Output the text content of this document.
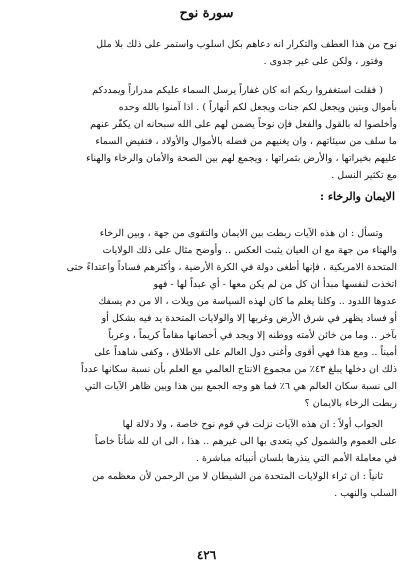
سورة نوح
نوح من هذا العطف والتكرار انه دعاهم بكل اسلوب واستمر على ذلك بلا ملل
وفتور ، ولكن على غير جدوى .
( فقلت استغفروا ربكم انه كان غفاراً يرسل السماء عليكم مدراراً ويمددكم
بأموال وبنين ويجعل لكم جنات ويجعل لكم أنهاراً ) . اذا آمنوا بالله وحده
وأخلصوا له بالقول والفعل فإن نوحاً يضمن لهم على الله سبحانه ان يكفّر عنهم
ما سلف من سيئاتهم ، وان يغنيهم من فضله بالأموال والأولاد ، فتفيض السماء
عليهم بخيراتها ، والأرض بثمراتها ، ويجمع لهم بين الصحة والأمان والرخاء والهناء
مع تكثير النسل .
الايمان والرخاء :
وتسأل : ان هذه الآيات ربطت بين الايمان والتقوى من جهة ، وبين الرخاء
والهناء من جهة مع ان العيان يثبت العكس .. وأوضح مثال على ذلك الولايات
المتحدة الامريكية ، فإنها أطغى دولة في الكرة الأرضية ، وأكثرهم فساداً واعتداءً حتى
اتخذت لنفسها مبدأ ان كل من لم يكن معها - أي عبداً لها - فهو
عدوها اللدود .. وكلنا يعلم ما كان لهذه السياسة من ويلات ، الا من دم يسفك
أو فساد يظهر في شرق الأرض وغربها إلا والولايات المتحدة يد فيه بشكل أو
بآخر .. وما من خائن لأمته ووطنه إلا ويجد في أحضانها مقاماً كريماً ، وعرباً
أميناً .. ومع هذا فهي أقوى وأغنى دول العالم على الاطلاق ، وكفى شاهداً على
ذلك ان دخلها يبلغ ٤٣٪ من مجموع الانتاج العالمي مع العلم بأن نسبة سكانها عدداً
الى نسبة سكان العالم هي ٦٪ فما هو وجه الجمع بين هذا وبين ظاهر الآيات التي
ربطت الرخاء بالايمان ؟
الجواب أولاً : ان هذه الآيات نزلت في قوم نوح خاصة ، ولا دلالة لها
على العموم والشمول كي يتعدى بها الى غيرهم .. هذا ، الى ان لله شأناً خاصاً
في معاملة الأمم التي ينذرها بلسان أنبيائه مباشرة .
ثانياً : ان ثراء الولايات المتحدة من الشيطان لا من الرحمن لأن معظمه من
السلب والنهب .
٤٢٦
